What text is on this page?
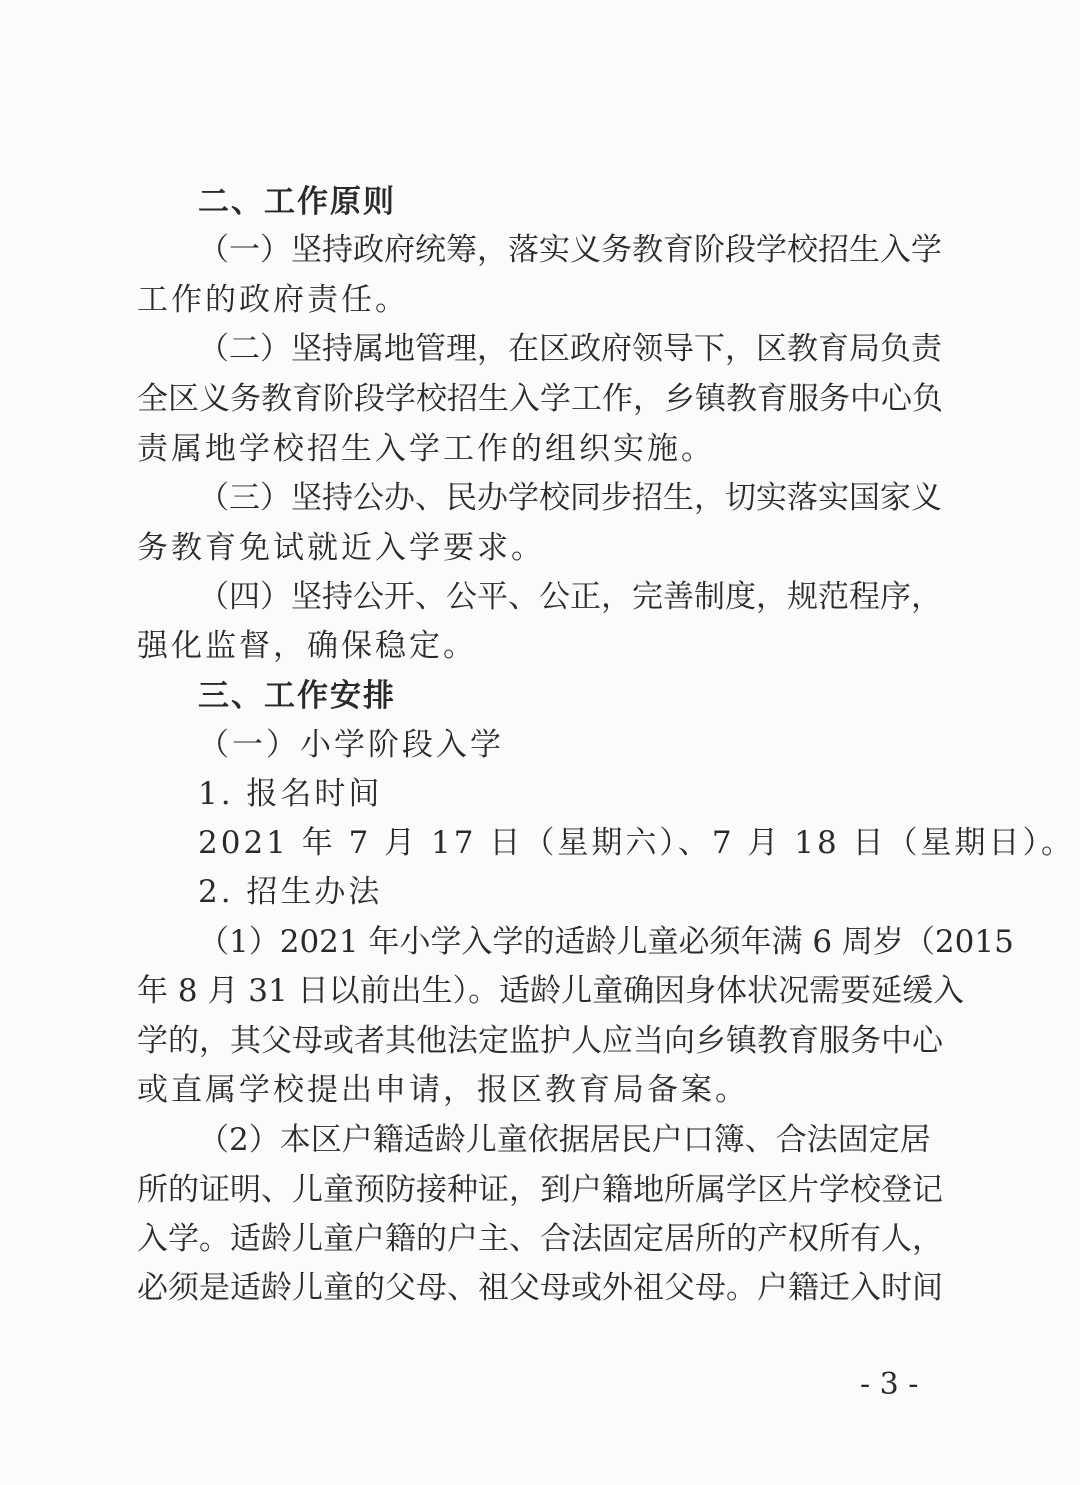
二、工作原则
（一）坚持政府统筹，落实义务教育阶段学校招生入学
工作的政府责任。
（二）坚持属地管理，在区政府领导下，区教育局负责
全区义务教育阶段学校招生入学工作，乡镇教育服务中心负
责属地学校招生入学工作的组织实施。
（三）坚持公办、民办学校同步招生，切实落实国家义
务教育免试就近入学要求。
（四）坚持公开、公平、公正，完善制度，规范程序，
强化监督，确保稳定。
三、工作安排
（一）小学阶段入学
1. 报名时间
2021 年 7 月 17 日（星期六）、7 月 18 日（星期日）。
2. 招生办法
（1）2021 年小学入学的适龄儿童必须年满 6 周岁（2015
年 8 月 31 日以前出生）。适龄儿童确因身体状况需要延缓入
学的，其父母或者其他法定监护人应当向乡镇教育服务中心
或直属学校提出申请，报区教育局备案。
（2）本区户籍适龄儿童依据居民户口簿、合法固定居
所的证明、儿童预防接种证，到户籍地所属学区片学校登记
入学。适龄儿童户籍的户主、合法固定居所的产权所有人，
必须是适龄儿童的父母、祖父母或外祖父母。户籍迁入时间
- 3 -
